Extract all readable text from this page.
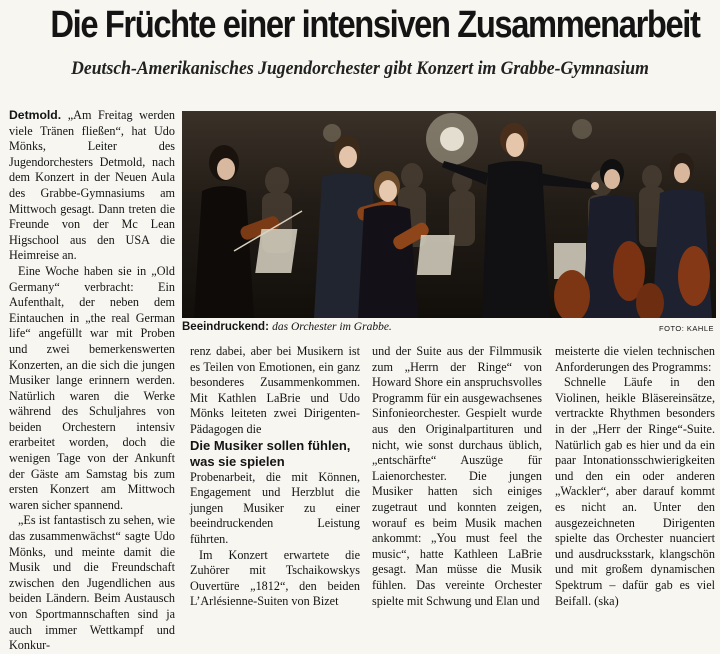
Die Früchte einer intensiven Zusammenarbeit
Deutsch-Amerikanisches Jugendorchester gibt Konzert im Grabbe-Gymnasium

Detmold. „Am Freitag werden viele Tränen fließen“, hat Udo Mönks, Leiter des Jugendorchesters Detmold, nach dem Konzert in der Neuen Aula des Grabbe-Gymnasiums am Mittwoch gesagt. Dann treten die Freunde von der Mc Lean Higschool aus den USA die Heimreise an.

Eine Woche haben sie in „Old Germany“ verbracht: Ein Aufenthalt, der neben dem Eintauchen in „the real German life“ angefüllt war mit Proben und zwei bemerkenswerten Konzerten, an die sich die jungen Musiker lange erinnern werden. Natürlich waren die Werke während des Schuljahres von beiden Orchestern intensiv erarbeitet worden, doch die wenigen Tage von der Ankunft der Gäste am Samstag bis zum ersten Konzert am Mittwoch waren sicher spannend.

„Es ist fantastisch zu sehen, wie das zusammenwächst“ sagte Udo Mönks, und meinte damit die Musik und die Freundschaft zwischen den Jugendlichen aus beiden Ländern. Beim Austausch von Sportmannschaften sind ja auch immer Wettkampf und Konkur-

Beeindruckend: das Orchester im Grabbe.	FOTO: KAHLE

renz dabei, aber bei Musikern ist es Teilen von Emotionen, ein ganz besonderes Zusammenkommen. Mit Kathlen LaBrie und Udo Mönks leiteten zwei Dirigenten-Pädagogen die

Die Musiker sollen fühlen, was sie spielen

Probenarbeit, die mit Können, Engagement und Herzblut die jungen Musiker zu einer beeindruckenden Leistung führten.

Im Konzert erwartete die Zuhörer mit Tschaikowskys Ouvertüre „1812“, den beiden L’Arlésienne-Suiten von Bizet

und der Suite aus der Filmmusik zum „Herrn der Ringe“ von Howard Shore ein anspruchsvolles Programm für ein ausgewachsenes Sinfonieorchester. Gespielt wurde aus den Originalpartituren und nicht, wie sonst durchaus üblich, „entschärfte“ Auszüge für Laienorchester. Die jungen Musiker hatten sich einiges zugetraut und konnten zeigen, worauf es beim Musik machen ankommt: „You must feel the music“, hatte Kathleen LaBrie gesagt. Man müsse die Musik fühlen. Das vereinte Orchester spielte mit Schwung und Elan und

meisterte die vielen technischen Anforderungen des Programms:

Schnelle Läufe in den Violinen, heikle Bläsereinsätze, vertrackte Rhythmen besonders in der „Herr der Ringe“-Suite. Natürlich gab es hier und da ein paar Intonationsschwierigkeiten und den ein oder anderen „Wackler“, aber darauf kommt es nicht an. Unter den ausgezeichneten Dirigenten spielte das Orchester nuanciert und ausdrucksstark, klangschön und mit großem dynamischen Spektrum – dafür gab es viel Beifall. (ska)
